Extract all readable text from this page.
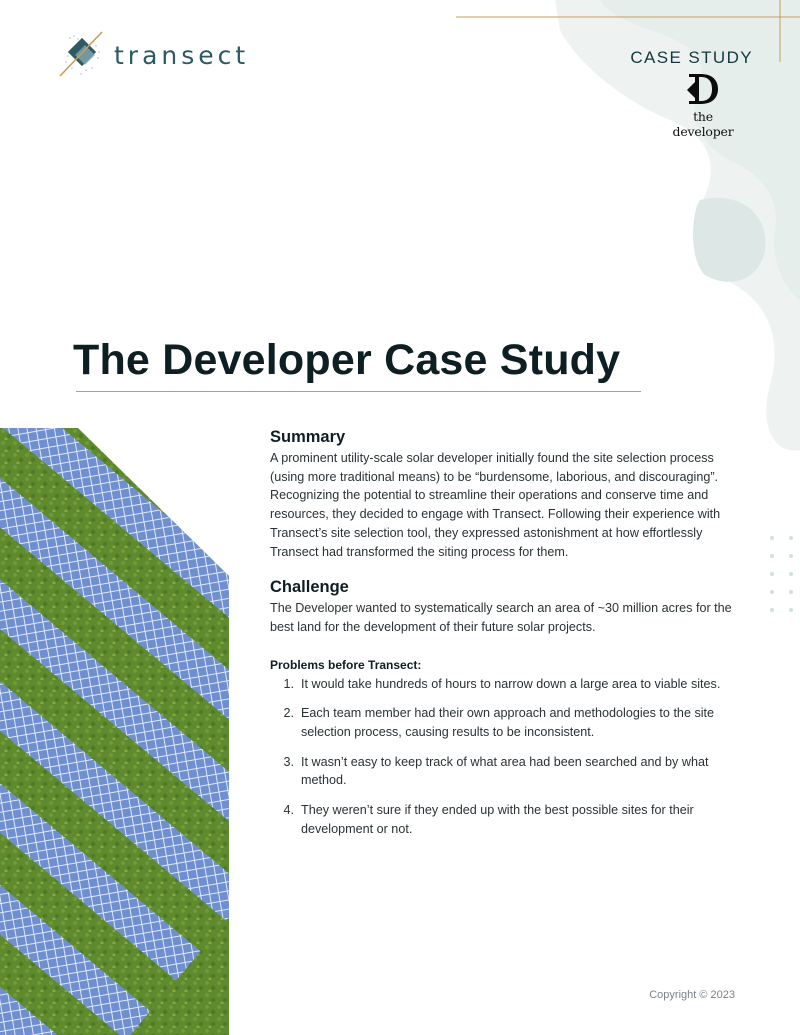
transect	CASE STUDY
the developer
The Developer Case Study
Summary

A prominent utility-scale solar developer initially found the site selection process (using more traditional means) to be “burdensome, laborious, and discouraging”. Recognizing the potential to streamline their operations and conserve time and resources, they decided to engage with Transect. Following their experience with Transect’s site selection tool, they expressed astonishment at how effortlessly Transect had transformed the siting process for them.

Challenge

The Developer wanted to systematically search an area of ~30 million acres for the best land for the development of their future solar projects.

Problems before Transect:
1. It would take hundreds of hours to narrow down a large area to viable sites.
2. Each team member had their own approach and methodologies to the site selection process, causing results to be inconsistent.
3. It wasn’t easy to keep track of what area had been searched and by what method.
4. They weren’t sure if they ended up with the best possible sites for their development or not.
Copyright © 2023
